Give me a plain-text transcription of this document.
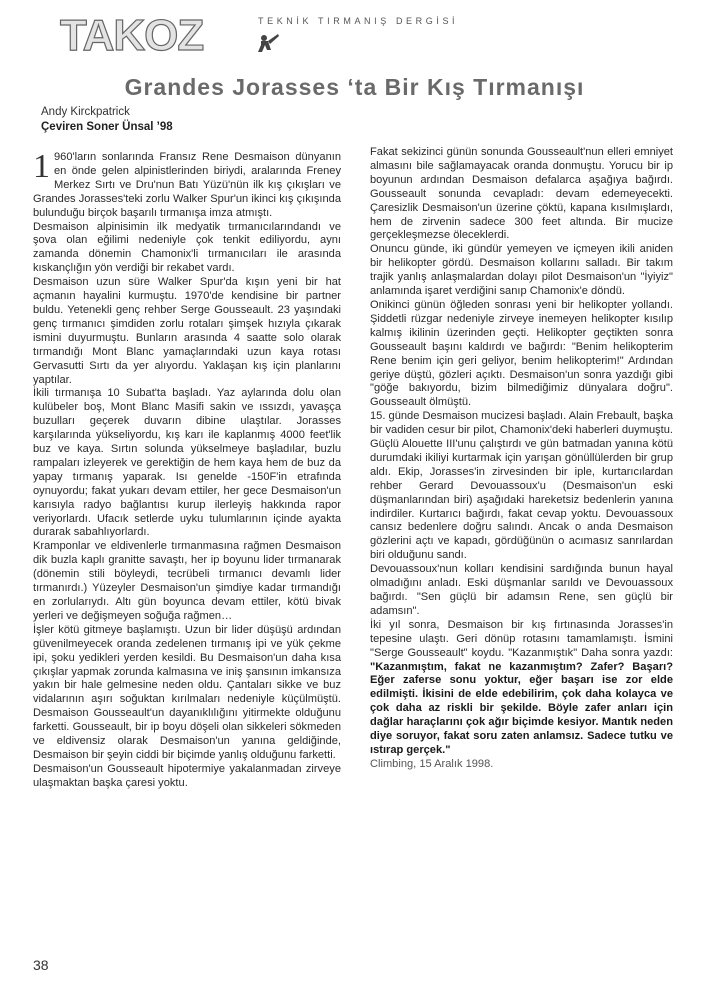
TAKOZ	TEKNİK TIRMANIŞ DERGİSİ
Grandes Jorasses ‘ta Bir Kış Tırmanışı
Andy Kirckpatrick
Çeviren Soner Ünsal ’98

1 960'ların sonlarında Fransız Rene Desmaison dünyanın en önde gelen alpinistlerinden biriydi, aralarında Freney Merkez Sırtı ve Dru'nun Batı Yüzü'nün ilk kış çıkışları ve Grandes Jorasses'teki zorlu Walker Spur'un ikinci kış çıkışında bulunduğu birçok başarılı tırmanışa imza atmıştı.

Desmaison alpinisimin ilk medyatik tırmanıcılarındandı ve şova olan eğilimi nedeniyle çok tenkit ediliyordu, aynı zamanda dönemin Chamonix'li tırmanıcıları ile arasında kıskançlığın yön verdiği bir rekabet vardı.

Desmaison uzun süre Walker Spur'da kışın yeni bir hat açmanın hayalini kurmuştu. 1970'de kendisine bir partner buldu. Yetenekli genç rehber Serge Gousseault. 23 yaşındaki genç tırmanıcı şimdiden zorlu rotaları şimşek hızıyla çıkarak ismini duyurmuştu. Bunların arasında 4 saatte solo olarak tırmandığı Mont Blanc yamaçlarındaki uzun kaya rotası Gervasutti Sırtı da yer alıyordu. Yaklaşan kış için planlarını yaptılar.

İkili tırmanışa 10 Subat'ta başladı. Yaz aylarında dolu olan kulübeler boş, Mont Blanc Masifi sakin ve ıssızdı, yavaşça buzulları geçerek duvarın dibine ulaştılar. Jorasses karşılarında yükseliyordu, kış karı ile kaplanmış 4000 feet'lik buz ve kaya. Sırtın solunda yükselmeye başladılar, buzlu rampaları izleyerek ve gerektiğin de hem kaya hem de buz da yapay tırmanış yaparak. Isı genelde -150F'in etrafında oynuyordu; fakat yukarı devam ettiler, her gece Desmaison'un karısıyla radyo bağlantısı kurup ilerleyiş hakkında rapor veriyorlardı. Ufacık setlerde uyku tulumlarının içinde ayakta durarak sabahlıyorlardı.

Kramponlar ve eldivenlerle tırmanmasına rağmen Desmaison dik buzla kaplı granitte savaştı, her ip boyunu lider tırmanarak (dönemin stili böyleydi, tecrübeli tırmanıcı devamlı lider tırmanırdı.) Yüzeyler Desmaison'un şimdiye kadar tırmandığı en zorlularıydı. Altı gün boyunca devam ettiler, kötü bivak yerleri ve değişmeyen soğuğa rağmen…

İşler kötü gitmeye başlamıştı. Uzun bir lider düşüşü ardından güvenilmeyecek oranda zedelenen tırmanış ipi ve yük çekme ipi, şoku yedikleri yerden kesildi. Bu Desmaison'un daha kısa çıkışlar yapmak zorunda kalmasına ve iniş şansının imkansıza yakın bir hale gelmesine neden oldu. Çantaları sikke ve buz vidalarının aşırı soğuktan kırılmaları nedeniyle küçülmüştü. Desmaison Gousseault'un dayanıklılığını yitirmekte olduğunu farketti. Gousseault, bir ip boyu döşeli olan sikkeleri sökmeden ve eldivensiz olarak Desmaison'un yanına geldiğinde, Desmaison bir şeyin ciddi bir biçimde yanlış olduğunu farketti.

Desmaison'un Gousseault hipotermiye yakalanmadan zirveye ulaşmaktan başka çaresi yoktu.

Fakat sekizinci günün sonunda Gousseault'nun elleri emniyet almasını bile sağlamayacak oranda donmuştu. Yorucu bir ip boyunun ardından Desmaison defalarca aşağıya bağırdı. Gousseault sonunda cevapladı: devam edemeyecekti. Çaresizlik Desmaison'un üzerine çöktü, kapana kısılmışlardı, hem de zirvenin sadece 300 feet altında. Bir mucize gerçekleşmezse öleceklerdi.

Onuncu günde, iki gündür yemeyen ve içmeyen ikili aniden bir helikopter gördü. Desmaison kollarını salladı. Bir takım trajik yanlış anlaşmalardan dolayı pilot Desmaison'un "İyiyiz" anlamında işaret verdiğini sanıp Chamonix'e döndü.

Onikinci günün öğleden sonrası yeni bir helikopter yollandı. Şiddetli rüzgar nedeniyle zirveye inemeyen helikopter kısılıp kalmış ikilinin üzerinden geçti. Helikopter geçtikten sonra Gousseault başını kaldırdı ve bağırdı: "Benim helikopterim Rene benim için geri geliyor, benim helikopterim!" Ardından geriye düştü, gözleri açıktı. Desmaison'un sonra yazdığı gibi "göğe bakıyordu, bizim bilmediğimiz dünyalara doğru". Gousseault ölmüştü.

15. günde Desmaison mucizesi başladı. Alain Frebault, başka bir vadiden cesur bir pilot, Chamonix'deki haberleri duymuştu. Güçlü Alouette III'unu çalıştırdı ve gün batmadan yanına kötü durumdaki ikiliyi kurtarmak için yarışan gönüllülerden bir grup aldı. Ekip, Jorasses'in zirvesinden bir iple, kurtarıcılardan rehber Gerard Devouassoux'u (Desmaison'un eski düşmanlarından biri) aşağıdaki hareketsiz bedenlerin yanına indirdiler. Kurtarıcı bağırdı, fakat cevap yoktu. Devouassoux cansız bedenlere doğru salındı. Ancak o anda Desmaison gözlerini açtı ve kapadı, gördüğünün o acımasız sanrılardan biri olduğunu sandı.

Devouassoux'nun kolları kendisini sardığında bunun hayal olmadığını anladı. Eski düşmanlar sarıldı ve Devouassoux bağırdı. "Sen güçlü bir adamsın Rene, sen güçlü bir adamsın".

İki yıl sonra, Desmaison bir kış fırtınasında Jorasses'in tepesine ulaştı. Geri dönüp rotasını tamamlamıştı. İsmini "Serge Gousseault" koydu. "Kazanmıştık" Daha sonra yazdı: "Kazanmıştım, fakat ne kazanmıştım? Zafer? Başarı? Eğer zaferse sonu yoktur, eğer başarı ise zor elde edilmişti. İkisini de elde edebilirim, çok daha kolayca ve çok daha az riskli bir şekilde. Böyle zafer anları için dağlar haraçlarını çok ağır biçimde kesiyor. Mantık neden diye soruyor, fakat soru zaten anlamsız. Sadece tutku ve ıstırap gerçek."

Climbing, 15 Aralık 1998.

38
